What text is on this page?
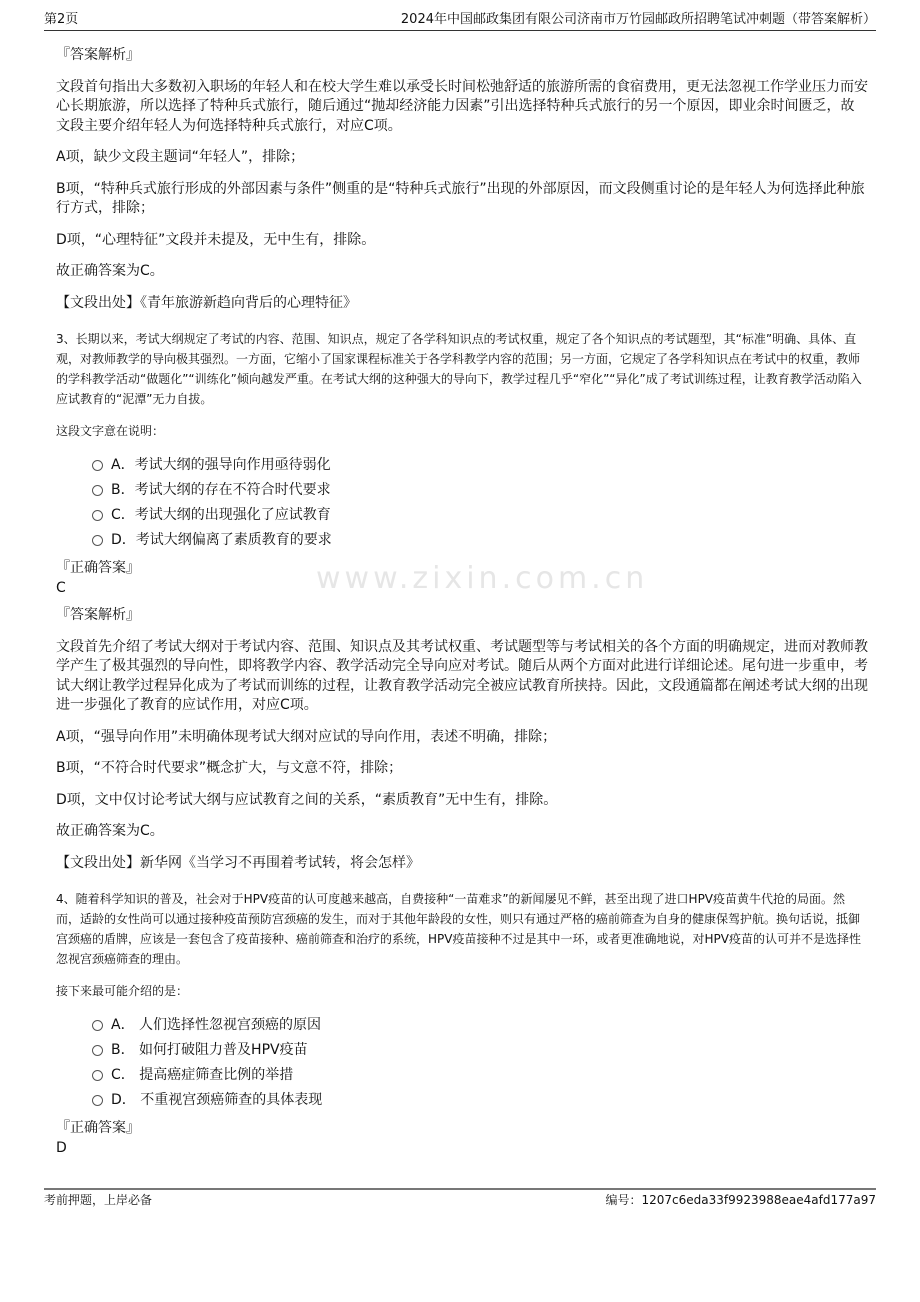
第2页	2024年中国邮政集团有限公司济南市万竹园邮政所招聘笔试冲刺题（带答案解析）
『答案解析』
文段首句指出大多数初入职场的年轻人和在校大学生难以承受长时间松弛舒适的旅游所需的食宿费用，更无法忽视工作学业压力而安心长期旅游，所以选择了特种兵式旅行，随后通过“抛却经济能力因素”引出选择特种兵式旅行的另一个原因，即业余时间匮乏，故文段主要介绍年轻人为何选择特种兵式旅行，对应C项。
A项，缺少文段主题词“年轻人”，排除；
B项，“特种兵式旅行形成的外部因素与条件”侧重的是“特种兵式旅行”出现的外部原因，而文段侧重讨论的是年轻人为何选择此种旅行方式，排除；
D项，“心理特征”文段并未提及，无中生有，排除。
故正确答案为C。
【文段出处】《青年旅游新趋向背后的心理特征》
3、长期以来，考试大纲规定了考试的内容、范围、知识点，规定了各学科知识点的考试权重，规定了各个知识点的考试题型，其“标准”明确、具体、直观，对教师教学的导向极其强烈。一方面，它缩小了国家课程标准关于各学科教学内容的范围；另一方面，它规定了各学科知识点在考试中的权重，教师的学科教学活动“做题化”“训练化”倾向越发严重。在考试大纲的这种强大的导向下，教学过程几乎“窄化”“异化”成了考试训练过程，让教育教学活动陷入应试教育的“泥潭”无力自拔。
这段文字意在说明：
A．考试大纲的强导向作用亟待弱化
B．考试大纲的存在不符合时代要求
C．考试大纲的出现强化了应试教育
D．考试大纲偏离了素质教育的要求
『正确答案』
C	www.zixin.com.cn
『答案解析』
文段首先介绍了考试大纲对于考试内容、范围、知识点及其考试权重、考试题型等与考试相关的各个方面的明确规定，进而对教师教学产生了极其强烈的导向性，即将教学内容、教学活动完全导向应对考试。随后从两个方面对此进行详细论述。尾句进一步重申，考试大纲让教学过程异化成为了考试而训练的过程，让教育教学活动完全被应试教育所挟持。因此，文段通篇都在阐述考试大纲的出现进一步强化了教育的应试作用，对应C项。
A项，“强导向作用”未明确体现考试大纲对应试的导向作用，表述不明确，排除；
B项，“不符合时代要求”概念扩大，与文意不符，排除；
D项，文中仅讨论考试大纲与应试教育之间的关系，“素质教育”无中生有，排除。
故正确答案为C。
【文段出处】新华网《当学习不再围着考试转，将会怎样》
4、随着科学知识的普及，社会对于HPV疫苗的认可度越来越高，自费接种“一苗难求”的新闻屡见不鲜，甚至出现了进口HPV疫苗黄牛代抢的局面。然而，适龄的女性尚可以通过接种疫苗预防宫颈癌的发生，而对于其他年龄段的女性，则只有通过严格的癌前筛查为自身的健康保驾护航。换句话说，抵御宫颈癌的盾牌，应该是一套包含了疫苗接种、癌前筛查和治疗的系统，HPV疫苗接种不过是其中一环，或者更准确地说，对HPV疫苗的认可并不是选择性忽视宫颈癌筛查的理由。
接下来最可能介绍的是：
A． 人们选择性忽视宫颈癌的原因
B． 如何打破阻力普及HPV疫苗
C． 提高癌症筛查比例的举措
D． 不重视宫颈癌筛查的具体表现
『正确答案』
D
考前押题，上岸必备	编号：1207c6eda33f9923988eae4afd177a97
